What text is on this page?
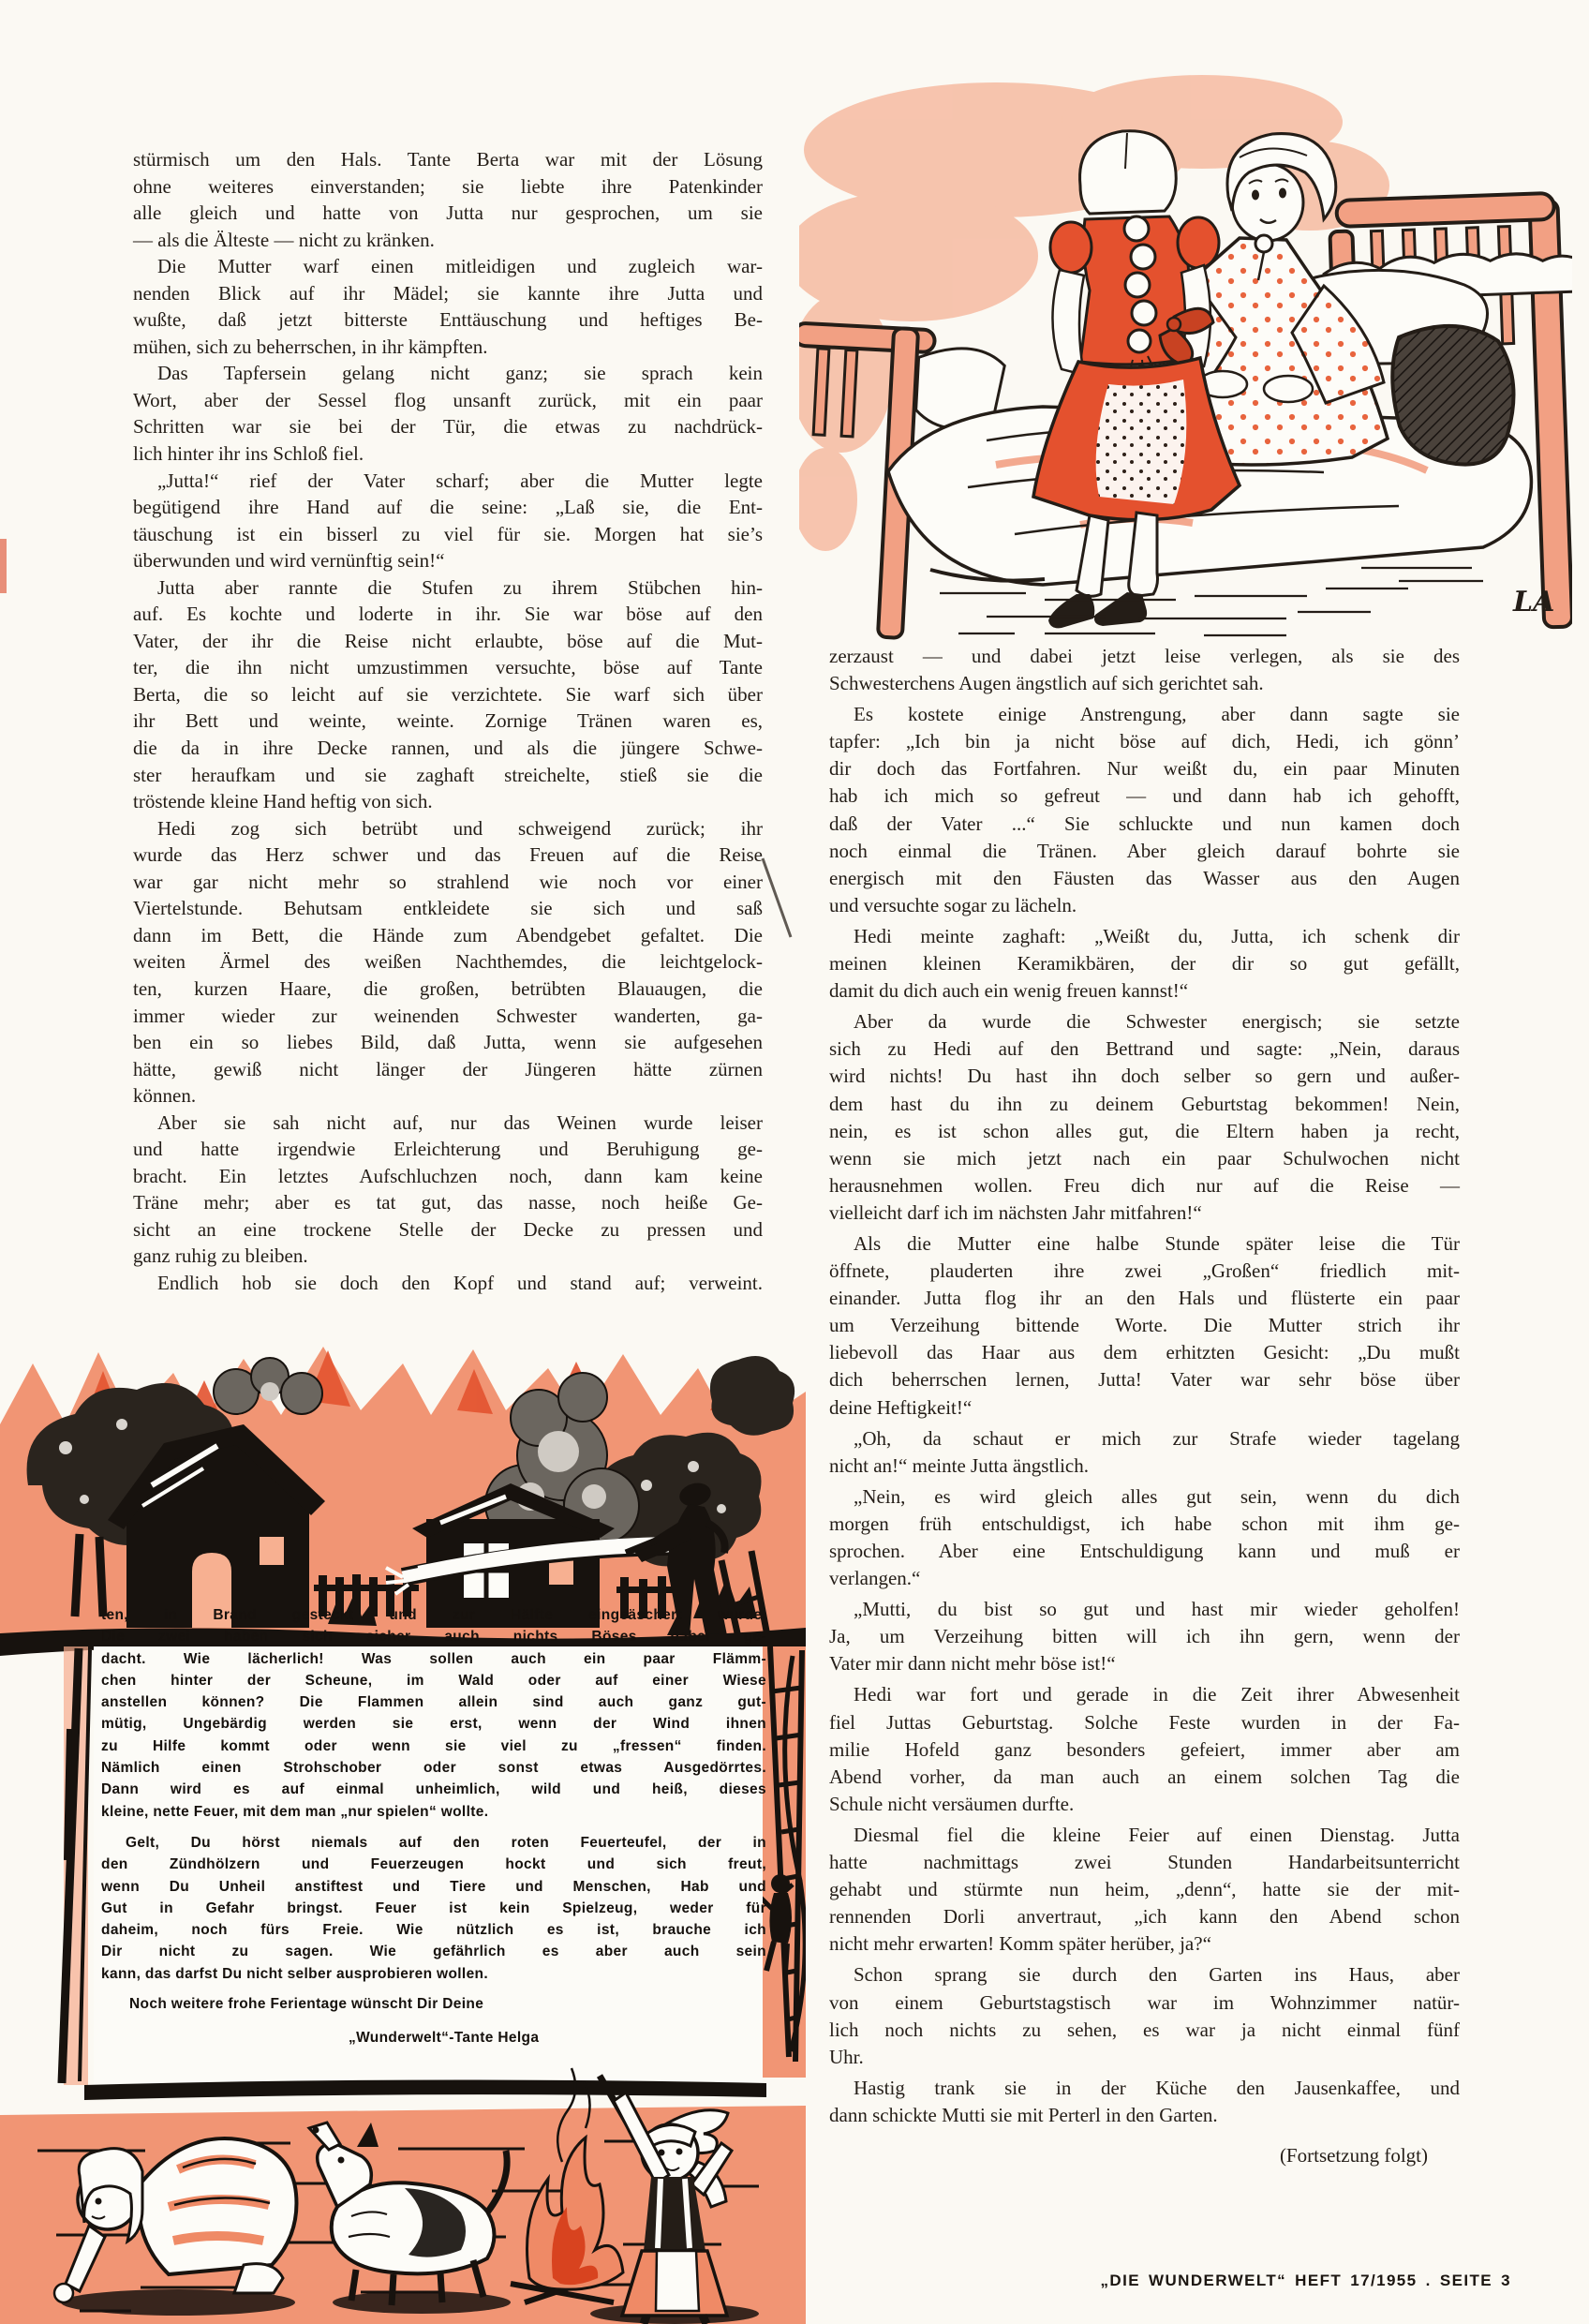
stürmisch um den Hals. Tante Berta war mit der Lösung
ohne weiteres einverstanden; sie liebte ihre Patenkinder
alle gleich und hatte von Jutta nur gesprochen, um sie
— als die Älteste — nicht zu kränken.
Die Mutter warf einen mitleidigen und zugleich war-
nenden Blick auf ihr Mädel; sie kannte ihre Jutta und
wußte, daß jetzt bitterste Enttäuschung und heftiges Be-
mühen, sich zu beherrschen, in ihr kämpften.
Das Tapfersein gelang nicht ganz; sie sprach kein
Wort, aber der Sessel flog unsanft zurück, mit ein paar
Schritten war sie bei der Tür, die etwas zu nachdrück-
lich hinter ihr ins Schloß fiel.
„Jutta!“ rief der Vater scharf; aber die Mutter legte
begütigend ihre Hand auf die seine: „Laß sie, die Ent-
täuschung ist ein bisserl zu viel für sie. Morgen hat sie’s
überwunden und wird vernünftig sein!“
Jutta aber rannte die Stufen zu ihrem Stübchen hin-
auf. Es kochte und loderte in ihr. Sie war böse auf den
Vater, der ihr die Reise nicht erlaubte, böse auf die Mut-
ter, die ihn nicht umzustimmen versuchte, böse auf Tante
Berta, die so leicht auf sie verzichtete. Sie warf sich über
ihr Bett und weinte, weinte. Zornige Tränen waren es,
die da in ihre Decke rannen, und als die jüngere Schwe-
ster heraufkam und sie zaghaft streichelte, stieß sie die
tröstende kleine Hand heftig von sich.
Hedi zog sich betrübt und schweigend zurück; ihr
wurde das Herz schwer und das Freuen auf die Reise
war gar nicht mehr so strahlend wie noch vor einer
Viertelstunde. Behutsam entkleidete sie sich und saß
dann im Bett, die Hände zum Abendgebet gefaltet. Die
weiten Ärmel des weißen Nachthemdes, die leichtgelock-
ten, kurzen Haare, die großen, betrübten Blauaugen, die
immer wieder zur weinenden Schwester wanderten, ga-
ben ein so liebes Bild, daß Jutta, wenn sie aufgesehen
hätte, gewiß nicht länger der Jüngeren hätte zürnen
können.
Aber sie sah nicht auf, nur das Weinen wurde leiser
und hatte irgendwie Erleichterung und Beruhigung ge-
bracht. Ein letztes Aufschluchzen noch, dann kam keine
Träne mehr; aber es tat gut, das nasse, noch heiße Ge-
sicht an eine trockene Stelle der Decke zu pressen und
ganz ruhig zu bleiben.
Endlich hob sie doch den Kopf und stand auf; verweint.
LA
zerzaust — und dabei jetzt leise verlegen, als sie des
Schwesterchens Augen ängstlich auf sich gerichtet sah.
Es kostete einige Anstrengung, aber dann sagte sie
tapfer: „Ich bin ja nicht böse auf dich, Hedi, ich gönn’
dir doch das Fortfahren. Nur weißt du, ein paar Minuten
hab ich mich so gefreut — und dann hab ich gehofft,
daß der Vater ...“ Sie schluckte und nun kamen doch
noch einmal die Tränen. Aber gleich darauf bohrte sie
energisch mit den Fäusten das Wasser aus den Augen
und versuchte sogar zu lächeln.
Hedi meinte zaghaft: „Weißt du, Jutta, ich schenk dir
meinen kleinen Keramikbären, der dir so gut gefällt,
damit du dich auch ein wenig freuen kannst!“
Aber da wurde die Schwester energisch; sie setzte
sich zu Hedi auf den Bettrand und sagte: „Nein, daraus
wird nichts! Du hast ihn doch selber so gern und außer-
dem hast du ihn zu deinem Geburtstag bekommen! Nein,
nein, es ist schon alles gut, die Eltern haben ja recht,
wenn sie mich jetzt nach ein paar Schulwochen nicht
herausnehmen wollen. Freu dich nur auf die Reise —
vielleicht darf ich im nächsten Jahr mitfahren!“
Als die Mutter eine halbe Stunde später leise die Tür
öffnete, plauderten ihre zwei „Großen“ friedlich mit-
einander. Jutta flog ihr an den Hals und flüsterte ein paar
um Verzeihung bittende Worte. Die Mutter strich ihr
liebevoll das Haar aus dem erhitzten Gesicht: „Du mußt
dich beherrschen lernen, Jutta! Vater war sehr böse über
deine Heftigkeit!“
„Oh, da schaut er mich zur Strafe wieder tagelang
nicht an!“ meinte Jutta ängstlich.
„Nein, es wird gleich alles gut sein, wenn du dich
morgen früh entschuldigst, ich habe schon mit ihm ge-
sprochen. Aber eine Entschuldigung kann und muß er
verlangen.“
„Mutti, du bist so gut und hast mir wieder geholfen!
Ja, um Verzeihung bitten will ich ihn gern, wenn der
Vater mir dann nicht mehr böse ist!“
Hedi war fort und gerade in die Zeit ihrer Abwesenheit
fiel Juttas Geburtstag. Solche Feste wurden in der Fa-
milie Hofeld ganz besonders gefeiert, immer aber am
Abend vorher, da man auch an einem solchen Tag die
Schule nicht versäumen durfte.
Diesmal fiel die kleine Feier auf einen Dienstag. Jutta
hatte nachmittags zwei Stunden Handarbeitsunterricht
gehabt und stürmte nun heim, „denn“, hatte sie der mit-
rennenden Dorli anvertraut, „ich kann den Abend schon
nicht mehr erwarten! Komm später herüber, ja?“
Schon sprang sie durch den Garten ins Haus, aber
von einem Geburtstagstisch war im Wohnzimmer natür-
lich noch nichts zu sehen, es war ja nicht einmal fünf
Uhr.
Hastig trank sie in der Küche den Jausenkaffee, und
dann schickte Mutti sie mit Perterl in den Garten.
(Fortsetzung folgt)
ten, in Brand gesteckt und zur Hälfte eingeäschert wurde.
Die zwei haben sich sicher auch nichts Böses dabei ge-
dacht. Wie lächerlich! Was sollen auch ein paar Flämm-
chen hinter der Scheune, im Wald oder auf einer Wiese
anstellen können? Die Flammen allein sind auch ganz gut-
mütig, Ungebärdig werden sie erst, wenn der Wind ihnen
zu Hilfe kommt oder wenn sie viel zu „fressen“ finden.
Nämlich einen Strohschober oder sonst etwas Ausgedörrtes.
Dann wird es auf einmal unheimlich, wild und heiß, dieses
kleine, nette Feuer, mit dem man „nur spielen“ wollte.
Gelt, Du hörst niemals auf den roten Feuerteufel, der in
den Zündhölzern und Feuerzeugen hockt und sich freut,
wenn Du Unheil anstiftest und Tiere und Menschen, Hab und
Gut in Gefahr bringst. Feuer ist kein Spielzeug, weder für
daheim, noch fürs Freie. Wie nützlich es ist, brauche ich
Dir nicht zu sagen. Wie gefährlich es aber auch sein
kann, das darfst Du nicht selber ausprobieren wollen.
Noch weitere frohe Ferientage wünscht Dir Deine
„Wunderwelt“-Tante Helga
„DIE WUNDERWELT“ HEFT 17/1955 . SEITE 3
